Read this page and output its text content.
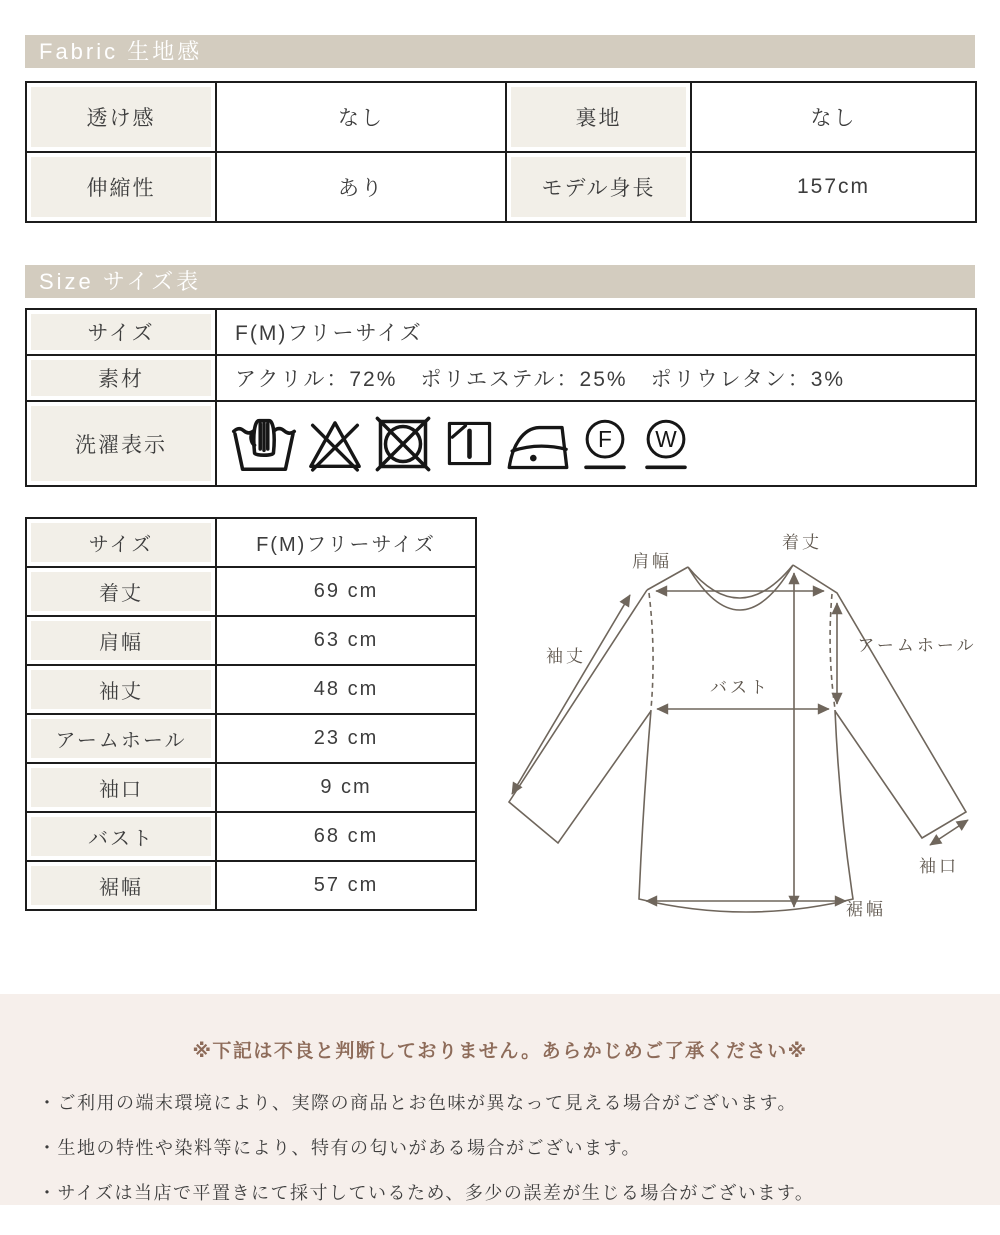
Fabric 生地感
透け感	なし	裏地	なし
伸縮性	あり	モデル身長	157cm
Size サイズ表
サイズ	F(M)フリーサイズ
素材	アクリル：72%　ポリエステル：25%　ポリウレタン：3%
洗濯表示	F W
サイズ	F(M)フリーサイズ
着丈	69 cm
肩幅	63 cm
袖丈	48 cm
アームホール	23 cm
袖口	9 cm
バスト	68 cm
裾幅	57 cm
肩幅
着丈
袖丈
アームホール
バスト
袖口
裾幅
※下記は不良と判断しておりません。あらかじめご了承ください※
・ご利用の端末環境により、実際の商品とお色味が異なって見える場合がございます。
・生地の特性や染料等により、特有の匂いがある場合がございます。
・サイズは当店で平置きにて採寸しているため、多少の誤差が生じる場合がございます。
